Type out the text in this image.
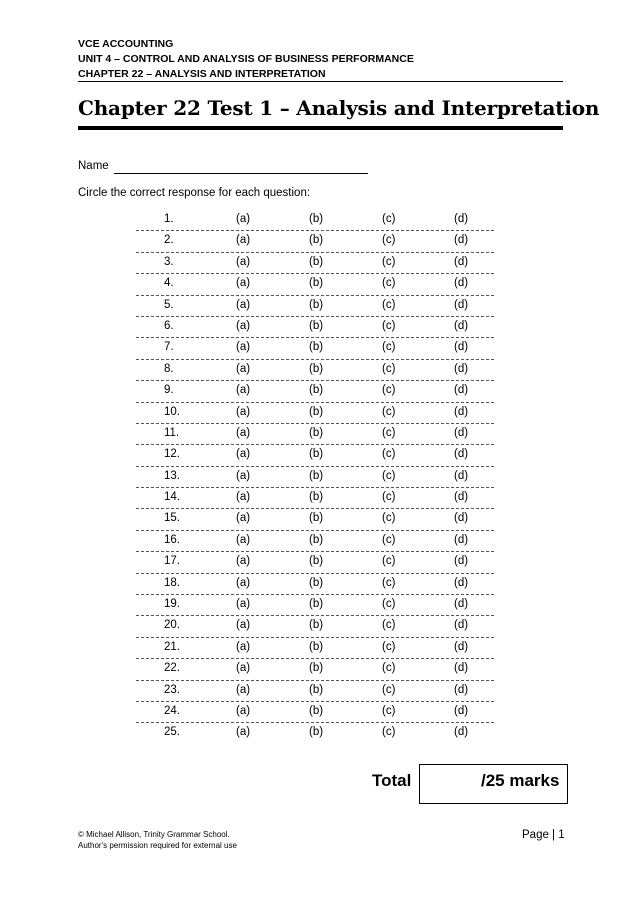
VCE ACCOUNTING
UNIT 4 – CONTROL AND ANALYSIS OF BUSINESS PERFORMANCE
CHAPTER 22 – ANALYSIS AND INTERPRETATION
Chapter 22 Test 1 – Analysis and Interpretation
Name
Circle the correct response for each question:
1.	(a)	(b)	(c)	(d)
2.	(a)	(b)	(c)	(d)
3.	(a)	(b)	(c)	(d)
4.	(a)	(b)	(c)	(d)
5.	(a)	(b)	(c)	(d)
6.	(a)	(b)	(c)	(d)
7.	(a)	(b)	(c)	(d)
8.	(a)	(b)	(c)	(d)
9.	(a)	(b)	(c)	(d)
10.	(a)	(b)	(c)	(d)
11.	(a)	(b)	(c)	(d)
12.	(a)	(b)	(c)	(d)
13.	(a)	(b)	(c)	(d)
14.	(a)	(b)	(c)	(d)
15.	(a)	(b)	(c)	(d)
16.	(a)	(b)	(c)	(d)
17.	(a)	(b)	(c)	(d)
18.	(a)	(b)	(c)	(d)
19.	(a)	(b)	(c)	(d)
20.	(a)	(b)	(c)	(d)
21.	(a)	(b)	(c)	(d)
22.	(a)	(b)	(c)	(d)
23.	(a)	(b)	(c)	(d)
24.	(a)	(b)	(c)	(d)
25.	(a)	(b)	(c)	(d)
Total	/25 marks
© Michael Allison, Trinity Grammar School.
Author's permission required for external use
Page | 1
